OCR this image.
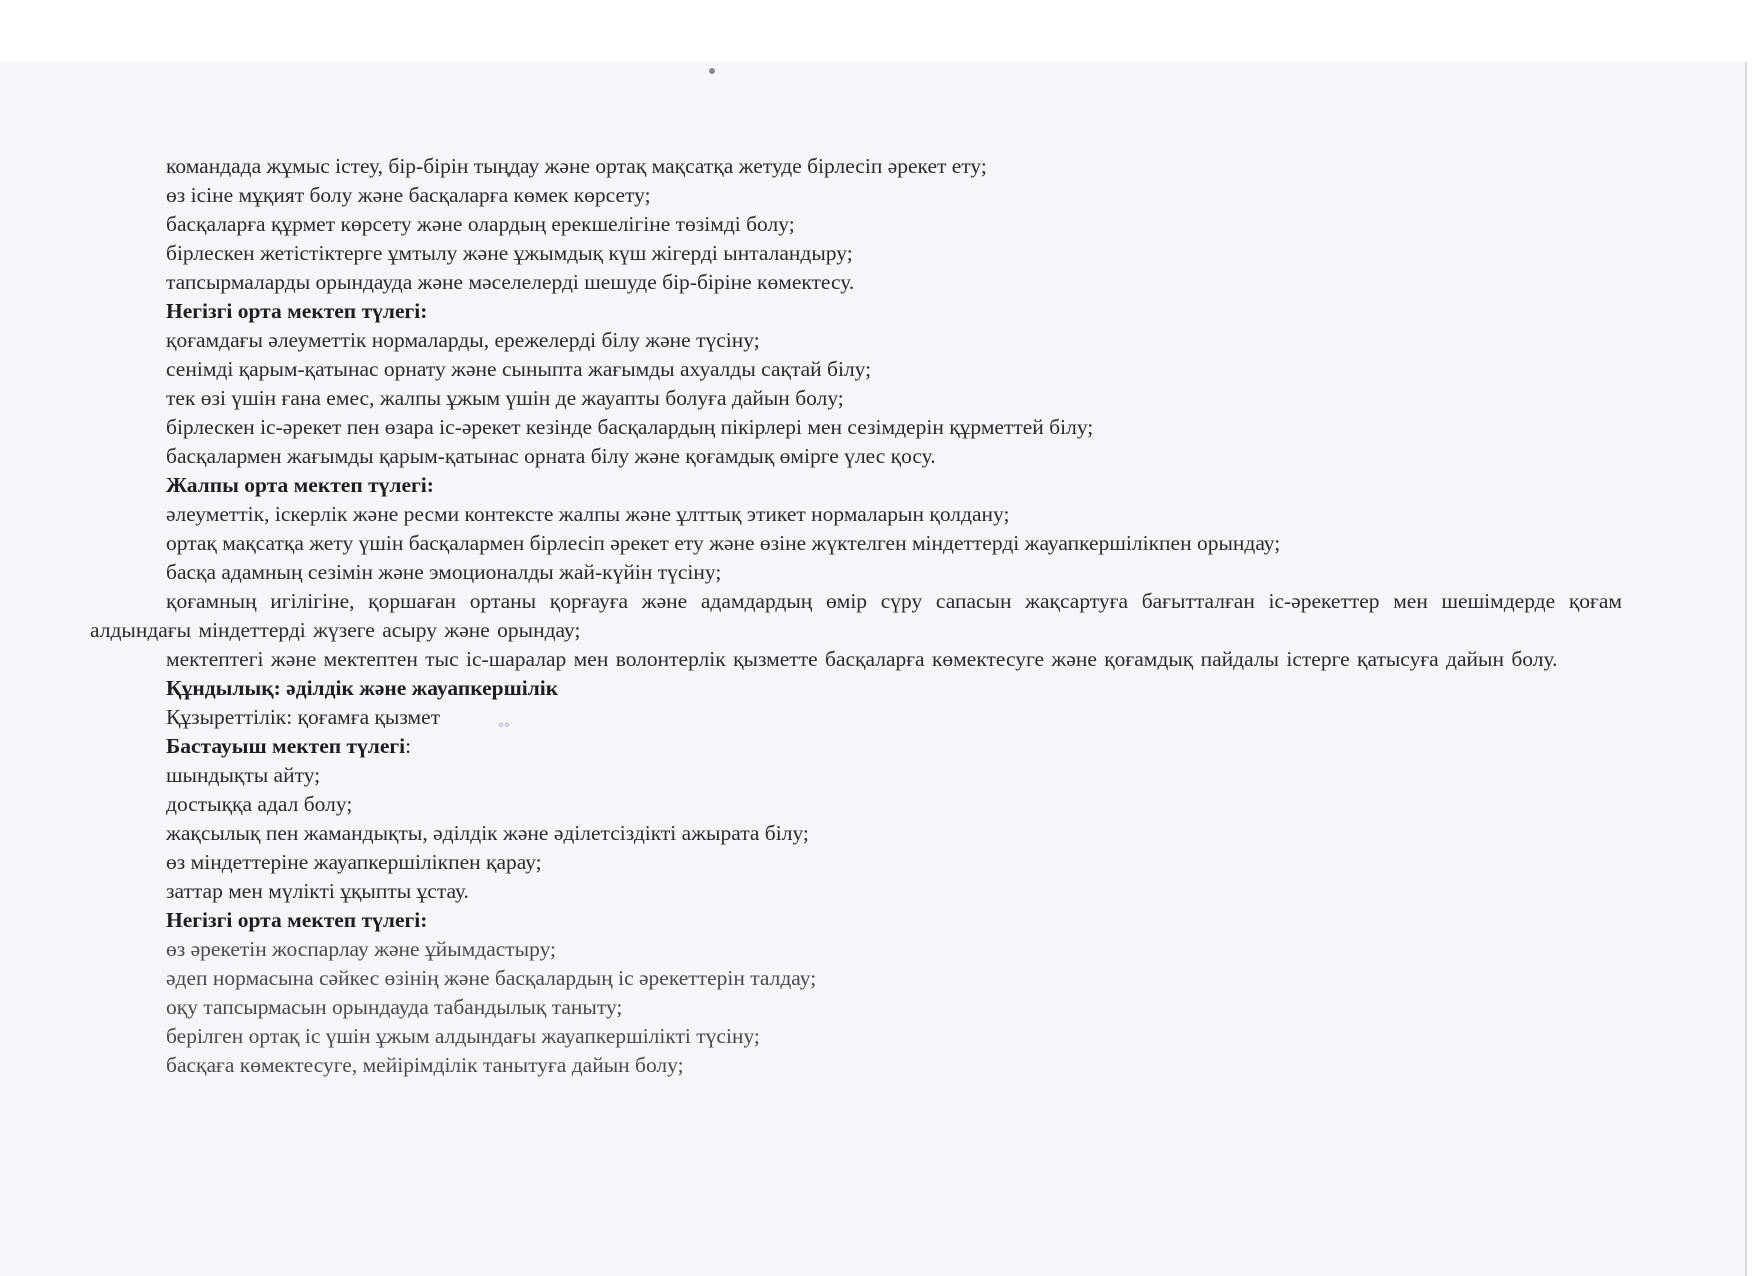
˚˚
командада жұмыс істеу, бір-бірін тыңдау және ортақ мақсатқа жетуде бірлесіп әрекет ету;
өз ісіне мұқият болу және басқаларға көмек көрсету;
басқаларға құрмет көрсету және олардың ерекшелігіне төзімді болу;
бірлескен жетістіктерге ұмтылу және ұжымдық күш жігерді ынталандыру;
тапсырмаларды орындауда және мәселелерді шешуде бір-біріне көмектесу.
Негізгі орта мектеп түлегі:
қоғамдағы әлеуметтік нормаларды, ережелерді білу және түсіну;
сенімді қарым-қатынас орнату және сыныпта жағымды ахуалды сақтай білу;
тек өзі үшін ғана емес, жалпы ұжым үшін де жауапты болуға дайын болу;
бірлескен іс-әрекет пен өзара іс-әрекет кезінде басқалардың пікірлері мен сезімдерін құрметтей білу;
басқалармен жағымды қарым-қатынас орната білу және қоғамдық өмірге үлес қосу.
Жалпы орта мектеп түлегі:
әлеуметтік, іскерлік және ресми контексте жалпы және ұлттық этикет нормаларын қолдану;
ортақ мақсатқа жету үшін басқалармен бірлесіп әрекет ету және өзіне жүктелген міндеттерді жауапкершілікпен орындау;
басқа адамның сезімін және эмоционалды жай-күйін түсіну;
қоғамның игілігіне, қоршаған ортаны қорғауға және адамдардың өмір сүру сапасын жақсартуға бағытталған іс-әрекеттер мен шешімдерде қоғам алдындағы міндеттерді жүзеге асыру және орындау;
мектептегі және мектептен тыс іс-шаралар мен волонтерлік қызметте басқаларға көмектесуге және қоғамдық пайдалы істерге қатысуға дайын болу.
Құндылық: әділдік және жауапкершілік
Құзыреттілік: қоғамға қызмет
Бастауыш мектеп түлегі:
шындықты айту;
достыққа адал болу;
жақсылық пен жамандықты, әділдік және әділетсіздікті ажырата білу;
өз міндеттеріне жауапкершілікпен қарау;
заттар мен мүлікті ұқыпты ұстау.
Негізгі орта мектеп түлегі:
өз әрекетін жоспарлау және ұйымдастыру;
әдеп нормасына сәйкес өзінің және басқалардың іс әрекеттерін талдау;
оқу тапсырмасын орындауда табандылық таныту;
берілген ортақ іс үшін ұжым алдындағы жауапкершілікті түсіну;
басқаға көмектесуге, мейірімділік танытуға дайын болу;
